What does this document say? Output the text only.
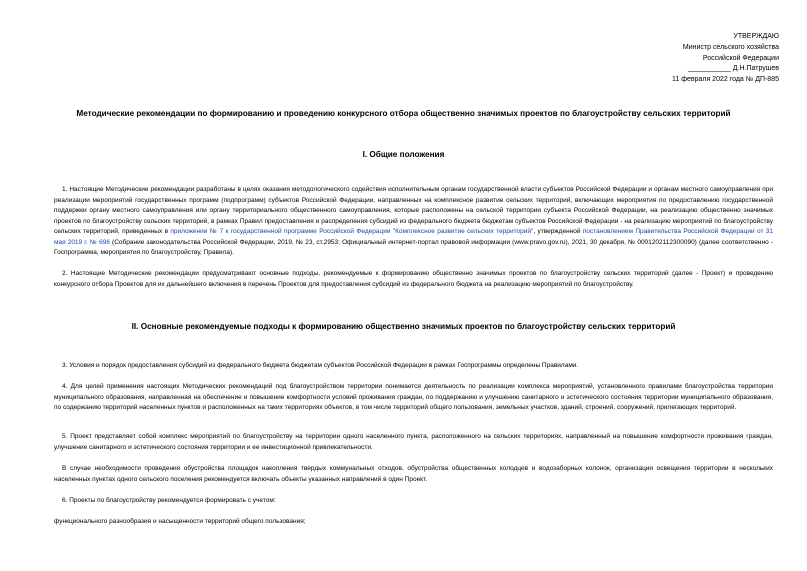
УТВЕРЖДАЮ
Министр сельского хозяйства
Российской Федерации
___________ Д.Н.Патрушев
11 февраля 2022 года № ДП-885
Методические рекомендации по формированию и проведению конкурсного отбора общественно значимых проектов по благоустройству сельских территорий
I. Общие положения
1. Настоящие Методические рекомендации разработаны в целях оказания методологического содействия исполнительным органам государственной власти субъектов Российской Федерации и органам местного самоуправления при реализации мероприятий государственных программ (подпрограмм) субъектов Российской Федерации, направленных на комплексное развитие сельских территорий, включающих мероприятия по предоставлению государственной поддержки органу местного самоуправления или органу территориального общественного самоуправления, которые расположены на сельской территории субъекта Российской Федерации, на реализацию общественно значимых проектов по благоустройству сельских территорий, в рамках Правил предоставления и распределения субсидий из федерального бюджета бюджетам субъектов Российской Федерации - на реализацию мероприятий по благоустройству сельских территорий, приведенных в приложении № 7 к государственной программе Российской Федерации "Комплексное развитие сельских территорий", утвержденной постановлением Правительства Российской Федерации от 31 мая 2019 г. № 696 (Собрание законодательства Российской Федерации, 2019, № 23, ст.2953; Официальный интернет-портал правовой информации (www.pravo.gov.ru), 2021, 30 декабря, № 0001202112300090) (далее соответственно - Госпрограмма, мероприятия по благоустройству, Правила).
2. Настоящие Методические рекомендации предусматривают основные подходы, рекомендуемые к формированию общественно значимых проектов по благоустройству сельских территорий (далее - Проект) и проведению конкурсного отбора Проектов для их дальнейшего включения в перечень Проектов для предоставления субсидий из федерального бюджета на реализацию мероприятий по благоустройству.
II. Основные рекомендуемые подходы к формированию общественно значимых проектов по благоустройству сельских территорий
3. Условия и порядок предоставления субсидий из федерального бюджета бюджетам субъектов Российской Федерации в рамках Госпрограммы определены Правилами.
4. Для целей применения настоящих Методических рекомендаций под благоустройством территории понимается деятельность по реализации комплекса мероприятий, установленного правилами благоустройства территории муниципального образования, направленная на обеспечение и повышение комфортности условий проживания граждан, по поддержанию и улучшению санитарного и эстетического состояния территории муниципального образования, по содержанию территорий населенных пунктов и расположенных на таких территориях объектов, в том числе территорий общего пользования, земельных участков, зданий, строений, сооружений, прилегающих территорий.
5. Проект представляет собой комплекс мероприятий по благоустройству на территории одного населенного пункта, расположенного на сельских территориях, направленный на повышение комфортности проживания граждан, улучшение санитарного и эстетического состояния территории и ее инвестиционной привлекательности.
В случае необходимости проведения обустройства площадок накопления твердых коммунальных отходов, обустройства общественных колодцев и водозаборных колонок, организации освещения территории в нескольких населенных пунктах одного сельского поселения рекомендуется включать объекты указанных направлений в один Проект.
6. Проекты по благоустройству рекомендуется формировать с учетом:
функционального разнообразия и насыщенности территорий общего пользования;
